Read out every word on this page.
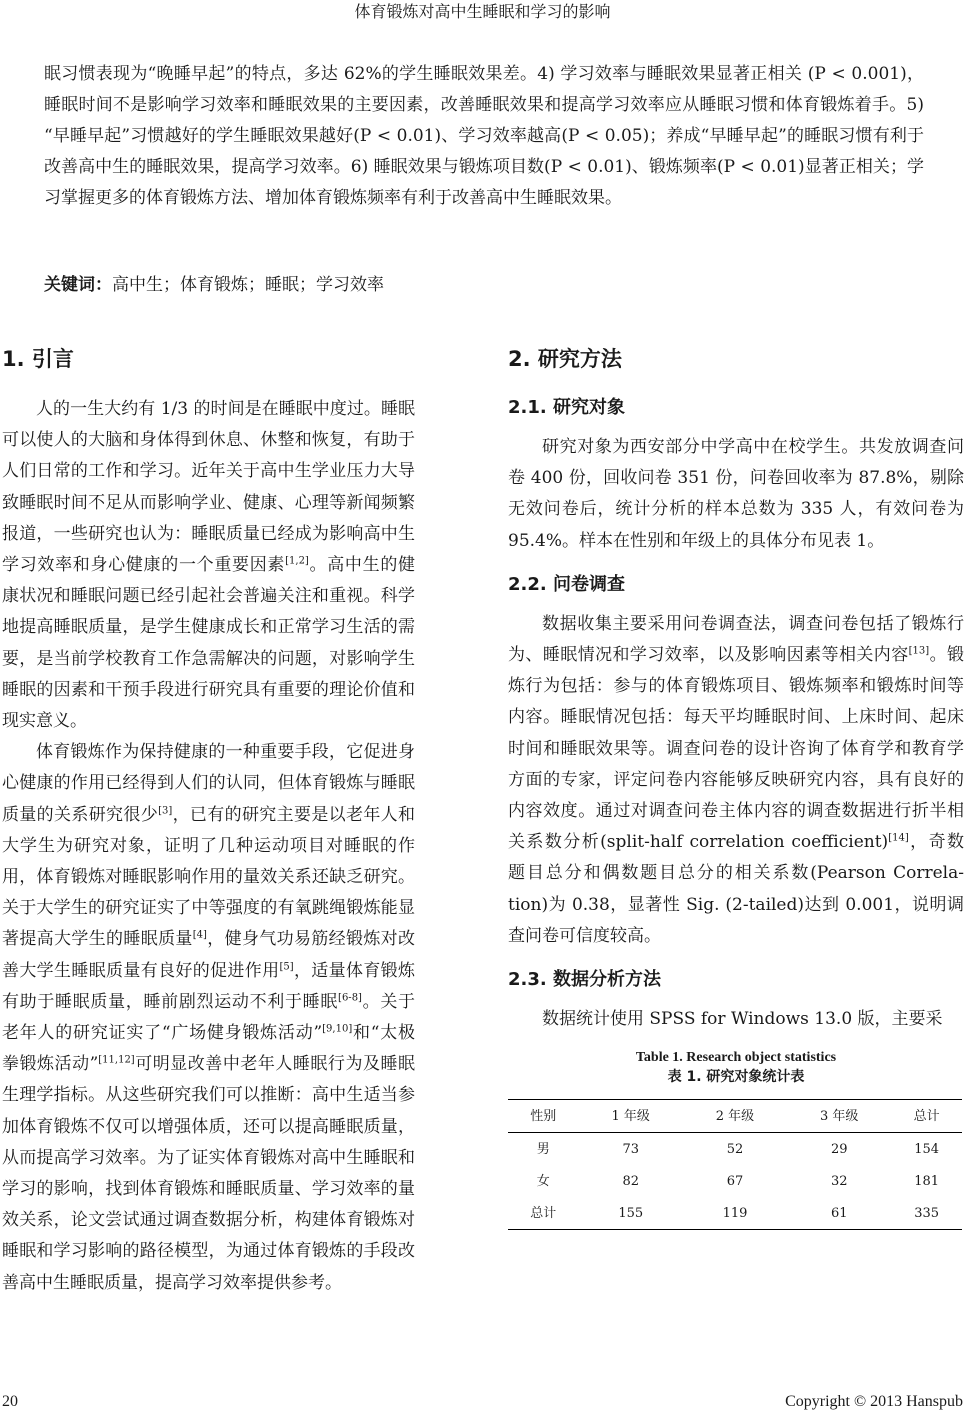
体育锻炼对高中生睡眠和学习的影响

眠习惯表现为“晚睡早起”的特点，多达 62%的学生睡眠效果差。4) 学习效率与睡眠效果显著正相关 (P < 0.001)，睡眠时间不是影响学习效率和睡眠效果的主要因素，改善睡眠效果和提高学习效率应从睡眠习惯和体育锻炼着手。5) “早睡早起”习惯越好的学生睡眠效果越好(P < 0.01)、学习效率越高(P < 0.05)；养成“早睡早起”的睡眠习惯有利于改善高中生的睡眠效果，提高学习效率。6) 睡眠效果与锻炼项目数(P < 0.01)、锻炼频率(P < 0.01)显著正相关；学习掌握更多的体育锻炼方法、增加体育锻炼频率有利于改善高中生睡眠效果。

关键词：高中生；体育锻炼；睡眠；学习效率
1. 引言

人的一生大约有 1/3 的时间是在睡眠中度过。睡眠可以使人的大脑和身体得到休息、休整和恢复，有助于人们日常的工作和学习。近年关于高中生学业压力大导致睡眠时间不足从而影响学业、健康、心理等新闻频繁报道，一些研究也认为：睡眠质量已经成为影响高中生学习效率和身心健康的一个重要因素[1,2]。高中生的健康状况和睡眠问题已经引起社会普遍关注和重视。科学地提高睡眠质量，是学生健康成长和正常学习生活的需要，是当前学校教育工作急需解决的问题，对影响学生睡眠的因素和干预手段进行研究具有重要的理论价值和现实意义。

体育锻炼作为保持健康的一种重要手段，它促进身心健康的作用已经得到人们的认同，但体育锻炼与睡眠质量的关系研究很少[3]，已有的研究主要是以老年人和大学生为研究对象，证明了几种运动项目对睡眠的作用，体育锻炼对睡眠影响作用的量效关系还缺乏研究。关于大学生的研究证实了中等强度的有氧跳绳锻炼能显著提高大学生的睡眠质量[4]，健身气功易筋经锻炼对改善大学生睡眠质量有良好的促进作用[5]，适量体育锻炼有助于睡眠质量，睡前剧烈运动不利于睡眠[6-8]。关于老年人的研究证实了“广场健身锻炼活动”[9,10]和“太极拳锻炼活动”[11,12]可明显改善中老年人睡眠行为及睡眠生理学指标。从这些研究我们可以推断：高中生适当参加体育锻炼不仅可以增强体质，还可以提高睡眠质量，从而提高学习效率。为了证实体育锻炼对高中生睡眠和学习的影响，找到体育锻炼和睡眠质量、学习效率的量效关系，论文尝试通过调查数据分析，构建体育锻炼对睡眠和学习影响的路径模型，为通过体育锻炼的手段改善高中生睡眠质量，提高学习效率提供参考。

2. 研究方法
2.1. 研究对象

研究对象为西安部分中学高中在校学生。共发放调查问卷 400 份，回收问卷 351 份，问卷回收率为 87.8%，剔除无效问卷后，统计分析的样本总数为 335 人，有效问卷为 95.4%。样本在性别和年级上的具体分布见表 1。

2.2. 问卷调查

数据收集主要采用问卷调查法，调查问卷包括了锻炼行为、睡眠情况和学习效率，以及影响因素等相关内容[13]。锻炼行为包括：参与的体育锻炼项目、锻炼频率和锻炼时间等内容。睡眠情况包括：每天平均睡眠时间、上床时间、起床时间和睡眠效果等。调查问卷的设计咨询了体育学和教育学方面的专家，评定问卷内容能够反映研究内容，具有良好的内容效度。通过对调查问卷主体内容的调查数据进行折半相关系数分析(split-half correlation coefficient)[14]，奇数题目总分和偶数题目总分的相关系数(Pearson Correla-tion)为 0.38，显著性 Sig. (2-tailed)达到 0.001，说明调查问卷可信度较高。

2.3. 数据分析方法

数据统计使用 SPSS for Windows 13.0 版，主要采

Table 1. Research object statistics
表 1. 研究对象统计表
性别	1 年级	2 年级	3 年级	总计
男	73	52	29	154
女	82	67	32	181
总计	155	119	61	335
20	Copyright © 2013 Hanspub
